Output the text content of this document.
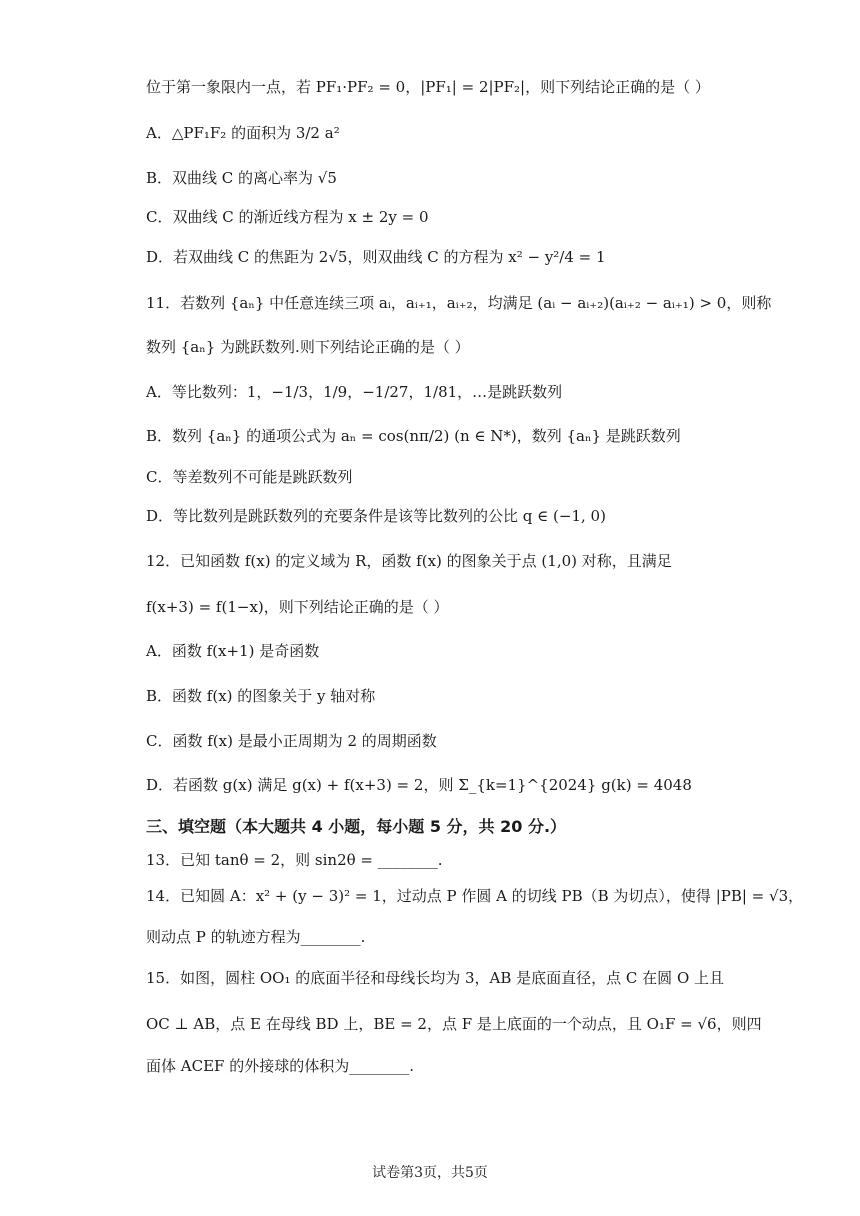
位于第一象限内一点，若 PF₁·PF₂ = 0，|PF₁| = 2|PF₂|，则下列结论正确的是（ ）
A．△PF₁F₂ 的面积为 3/2 a²
B．双曲线 C 的离心率为 √5
C．双曲线 C 的渐近线方程为 x ± 2y = 0
D．若双曲线 C 的焦距为 2√5，则双曲线 C 的方程为 x² − y²/4 = 1
11．若数列 {aₙ} 中任意连续三项 aᵢ，aᵢ₊₁，aᵢ₊₂，均满足 (aᵢ − aᵢ₊₂)(aᵢ₊₂ − aᵢ₊₁) > 0，则称
数列 {aₙ} 为跳跃数列.则下列结论正确的是（ ）
A．等比数列：1，−1/3，1/9，−1/27，1/81，…是跳跃数列
B．数列 {aₙ} 的通项公式为 aₙ = cos(nπ/2) (n ∈ N*)，数列 {aₙ} 是跳跃数列
C．等差数列不可能是跳跃数列
D．等比数列是跳跃数列的充要条件是该等比数列的公比 q ∈ (−1, 0)
12．已知函数 f(x) 的定义域为 R，函数 f(x) 的图象关于点 (1,0) 对称，且满足
f(x+3) = f(1−x)，则下列结论正确的是（ ）
A．函数 f(x+1) 是奇函数
B．函数 f(x) 的图象关于 y 轴对称
C．函数 f(x) 是最小正周期为 2 的周期函数
D．若函数 g(x) 满足 g(x) + f(x+3) = 2，则 Σ_{k=1}^{2024} g(k) = 4048
三、填空题（本大题共 4 小题，每小题 5 分，共 20 分.）
13．已知 tanθ = 2，则 sin2θ = ________.
14．已知圆 A：x² + (y − 3)² = 1，过动点 P 作圆 A 的切线 PB（B 为切点），使得 |PB| = √3，
则动点 P 的轨迹方程为________.
15．如图，圆柱 OO₁ 的底面半径和母线长均为 3，AB 是底面直径，点 C 在圆 O 上且
OC ⊥ AB，点 E 在母线 BD 上，BE = 2，点 F 是上底面的一个动点，且 O₁F = √6，则四
面体 ACEF 的外接球的体积为________.
试卷第3页，共5页
